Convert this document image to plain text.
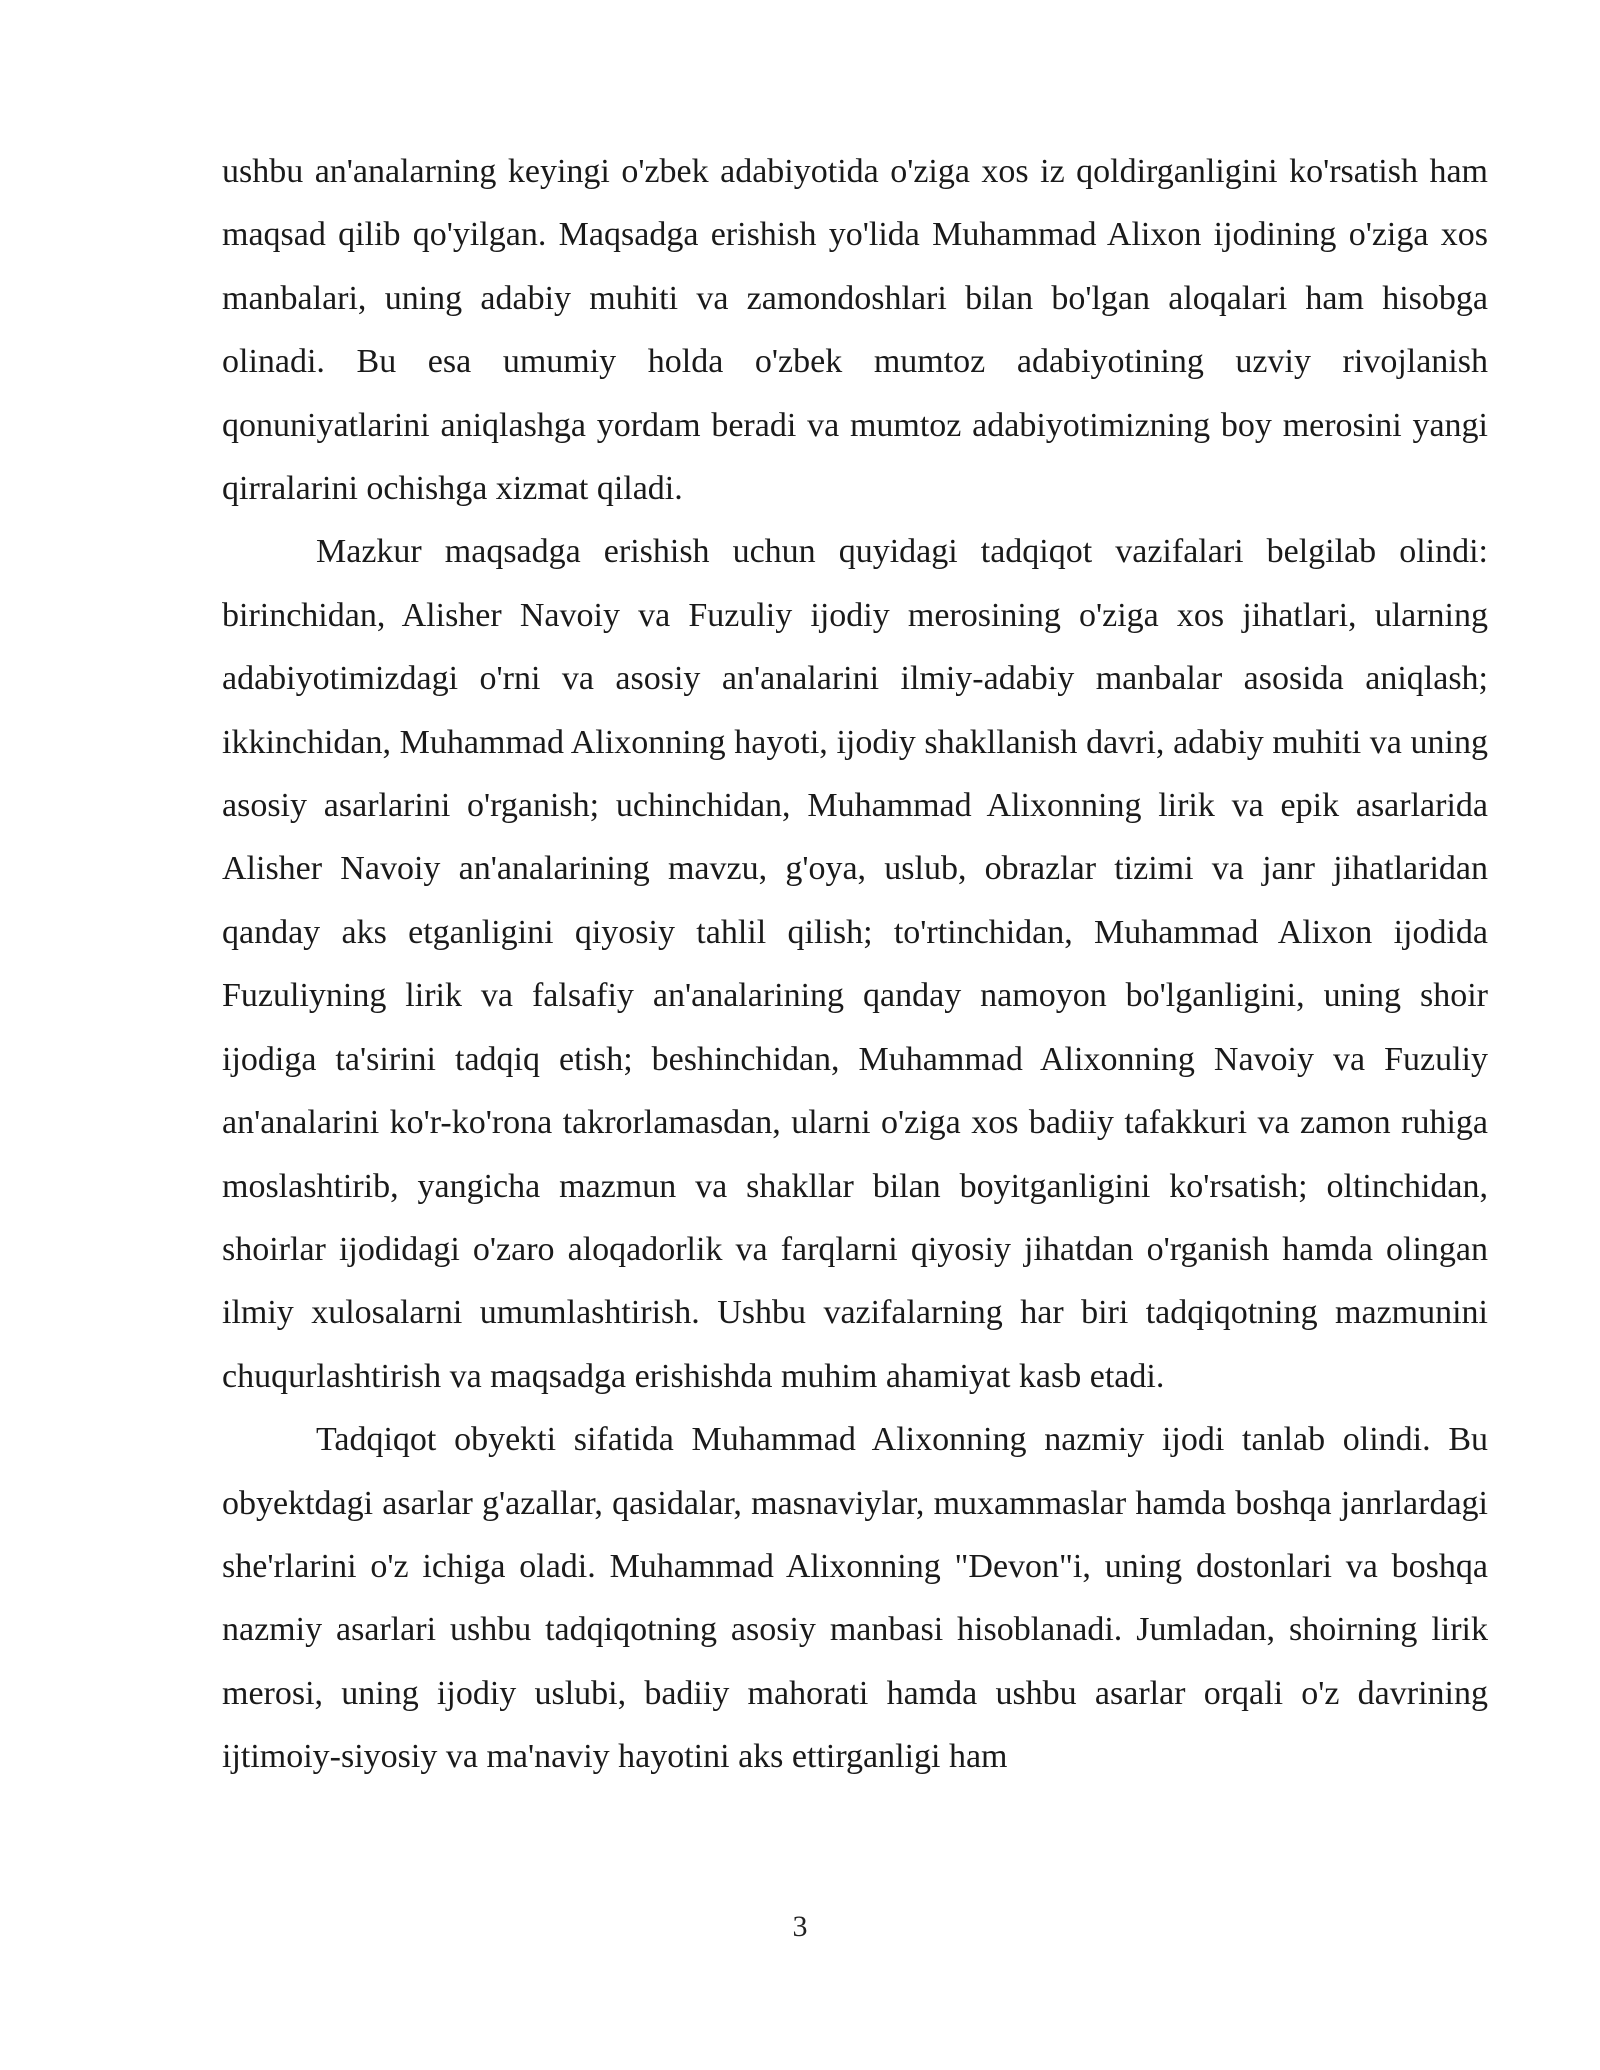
ushbu an'analarning keyingi o'zbek adabiyotida o'ziga xos iz qoldirganligini ko'rsatish ham maqsad qilib qo'yilgan. Maqsadga erishish yo'lida Muhammad Alixon ijodining o'ziga xos manbalari, uning adabiy muhiti va zamondoshlari bilan bo'lgan aloqalari ham hisobga olinadi. Bu esa umumiy holda o'zbek mumtoz adabiyotining uzviy rivojlanish qonuniyatlarini aniqlashga yordam beradi va mumtoz adabiyotimizning boy merosini yangi qirralarini ochishga xizmat qiladi.

Mazkur maqsadga erishish uchun quyidagi tadqiqot vazifalari belgilab olindi: birinchidan, Alisher Navoiy va Fuzuliy ijodiy merosining o'ziga xos jihatlari, ularning adabiyotimizdagi o'rni va asosiy an'analarini ilmiy-adabiy manbalar asosida aniqlash; ikkinchidan, Muhammad Alixonning hayoti, ijodiy shakllanish davri, adabiy muhiti va uning asosiy asarlarini o'rganish; uchinchidan, Muhammad Alixonning lirik va epik asarlarida Alisher Navoiy an'analarining mavzu, g'oya, uslub, obrazlar tizimi va janr jihatlaridan qanday aks etganligini qiyosiy tahlil qilish; to'rtinchidan, Muhammad Alixon ijodida Fuzuliyning lirik va falsafiy an'analarining qanday namoyon bo'lganligini, uning shoir ijodiga ta'sirini tadqiq etish; beshinchidan, Muhammad Alixonning Navoiy va Fuzuliy an'analarini ko'r-ko'rona takrorlamasdan, ularni o'ziga xos badiiy tafakkuri va zamon ruhiga moslashtirib, yangicha mazmun va shakllar bilan boyitganligini ko'rsatish; oltinchidan, shoirlar ijodidagi o'zaro aloqadorlik va farqlarni qiyosiy jihatdan o'rganish hamda olingan ilmiy xulosalarni umumlashtirish. Ushbu vazifalarning har biri tadqiqotning mazmunini chuqurlashtirish va maqsadga erishishda muhim ahamiyat kasb etadi.

Tadqiqot obyekti sifatida Muhammad Alixonning nazmiy ijodi tanlab olindi. Bu obyektdagi asarlar g'azallar, qasidalar, masnaviylar, muxammaslar hamda boshqa janrlardagi she'rlarini o'z ichiga oladi. Muhammad Alixonning "Devon"i, uning dostonlari va boshqa nazmiy asarlari ushbu tadqiqotning asosiy manbasi hisoblanadi. Jumladan, shoirning lirik merosi, uning ijodiy uslubi, badiiy mahorati hamda ushbu asarlar orqali o'z davrining ijtimoiy-siyosiy va ma'naviy hayotini aks ettirganligi ham

3
